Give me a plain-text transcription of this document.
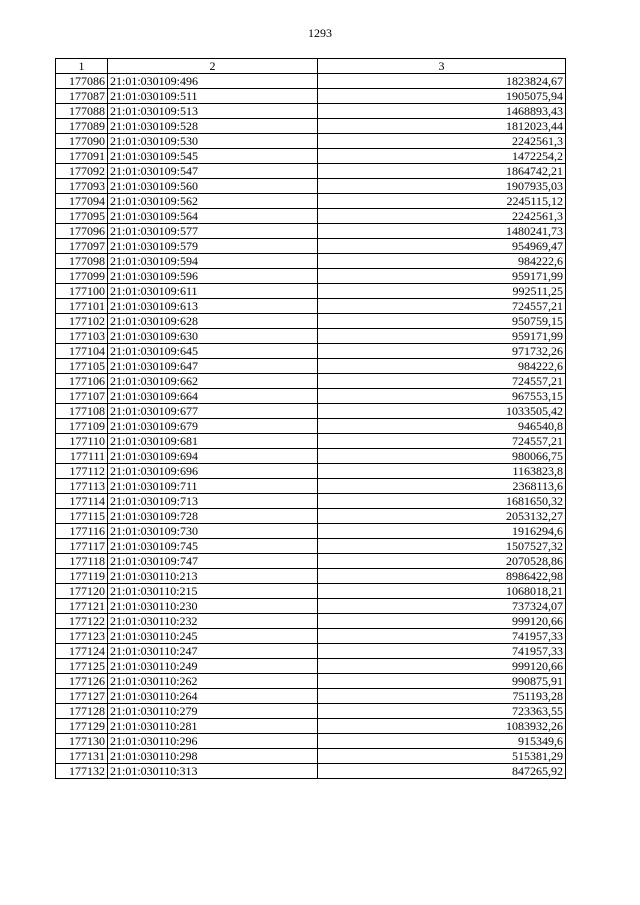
1293
1	2	3
177086	21:01:030109:496	1823824,67
177087	21:01:030109:511	1905075,94
177088	21:01:030109:513	1468893,43
177089	21:01:030109:528	1812023,44
177090	21:01:030109:530	2242561,3
177091	21:01:030109:545	1472254,2
177092	21:01:030109:547	1864742,21
177093	21:01:030109:560	1907935,03
177094	21:01:030109:562	2245115,12
177095	21:01:030109:564	2242561,3
177096	21:01:030109:577	1480241,73
177097	21:01:030109:579	954969,47
177098	21:01:030109:594	984222,6
177099	21:01:030109:596	959171,99
177100	21:01:030109:611	992511,25
177101	21:01:030109:613	724557,21
177102	21:01:030109:628	950759,15
177103	21:01:030109:630	959171,99
177104	21:01:030109:645	971732,26
177105	21:01:030109:647	984222,6
177106	21:01:030109:662	724557,21
177107	21:01:030109:664	967553,15
177108	21:01:030109:677	1033505,42
177109	21:01:030109:679	946540,8
177110	21:01:030109:681	724557,21
177111	21:01:030109:694	980066,75
177112	21:01:030109:696	1163823,8
177113	21:01:030109:711	2368113,6
177114	21:01:030109:713	1681650,32
177115	21:01:030109:728	2053132,27
177116	21:01:030109:730	1916294,6
177117	21:01:030109:745	1507527,32
177118	21:01:030109:747	2070528,86
177119	21:01:030110:213	8986422,98
177120	21:01:030110:215	1068018,21
177121	21:01:030110:230	737324,07
177122	21:01:030110:232	999120,66
177123	21:01:030110:245	741957,33
177124	21:01:030110:247	741957,33
177125	21:01:030110:249	999120,66
177126	21:01:030110:262	990875,91
177127	21:01:030110:264	751193,28
177128	21:01:030110:279	723363,55
177129	21:01:030110:281	1083932,26
177130	21:01:030110:296	915349,6
177131	21:01:030110:298	515381,29
177132	21:01:030110:313	847265,92
